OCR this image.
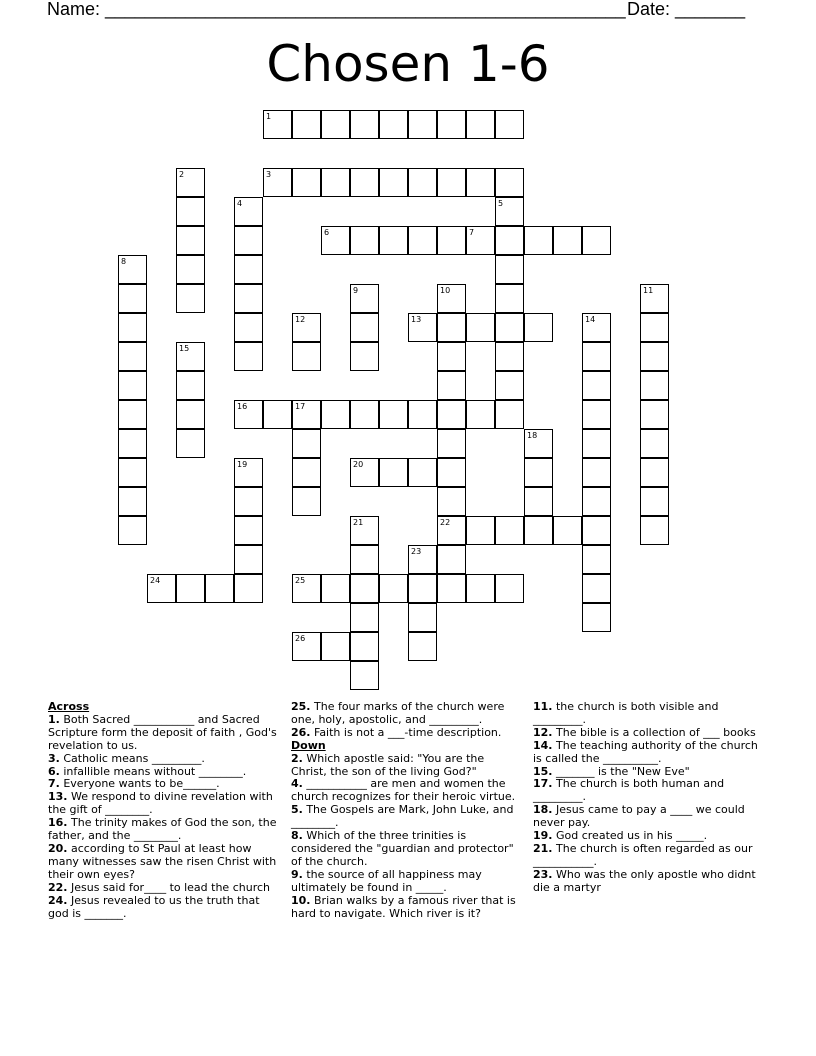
Name: ____________________________________________________ Date: _______
Chosen 1-6
1
2	3
4	5
6	7
8
9	10
22
11
12	13	14
15
16	17
18
19	20
21
23
24	25
26
Across
1. Both Sacred ___________ and Sacred Scripture form the deposit of faith , God's revelation to us.
3. Catholic means _________.
6. infallible means without ________.
7. Everyone wants to be______.
13. We respond to divine revelation with the gift of ________.
16. The trinity makes of God the son, the father, and the ________.
20. according to St Paul at least how many witnesses saw the risen Christ with their own eyes?
22. Jesus said for____ to lead the church
24. Jesus revealed to us the truth that god is _______.
25. The four marks of the church were one, holy, apostolic, and _________.
26. Faith is not a ___-time description.
Down
2. Which apostle said: "You are the Christ, the son of the living God?"
4. ___________ are men and women the church recognizes for their heroic virtue.
5. The Gospels are Mark, John Luke, and ________.
8. Which of the three trinities is considered the "guardian and protector" of the church.
9. the source of all happiness may ultimately be found in _____.
10. Brian walks by a famous river that is hard to navigate. Which river is it?
11. the church is both visible and _________.
12. The bible is a collection of ___ books
14. The teaching authority of the church is called the __________.
15. _______ is the "New Eve"
17. The church is both human and _________.
18. Jesus came to pay a ____ we could never pay.
19. God created us in his _____.
21. The church is often regarded as our ___________.
23. Who was the only apostle who didnt die a martyr
